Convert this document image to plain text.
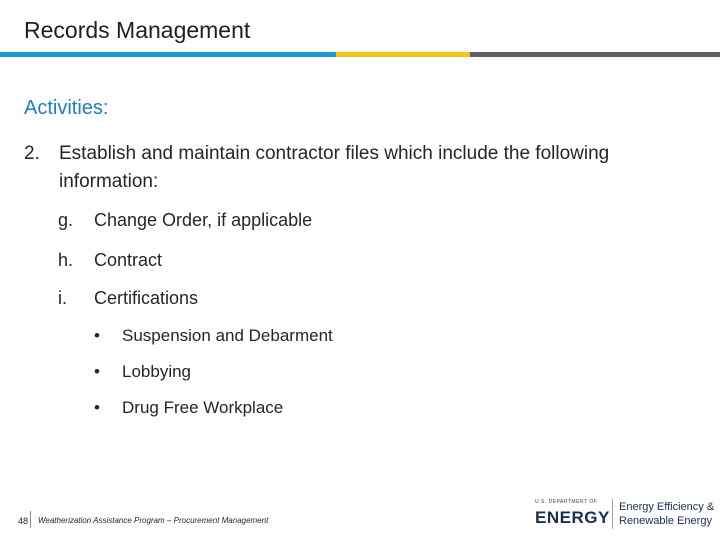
Records Management
Activities:
2. Establish and maintain contractor files which include the following information:
g. Change Order, if applicable
h. Contract
i. Certifications
• Suspension and Debarment
• Lobbying
• Drug Free Workplace
48 Weatherization Assistance Program – Procurement Management
U.S. DEPARTMENT OF
ENERGY
Energy Efficiency &
Renewable Energy
